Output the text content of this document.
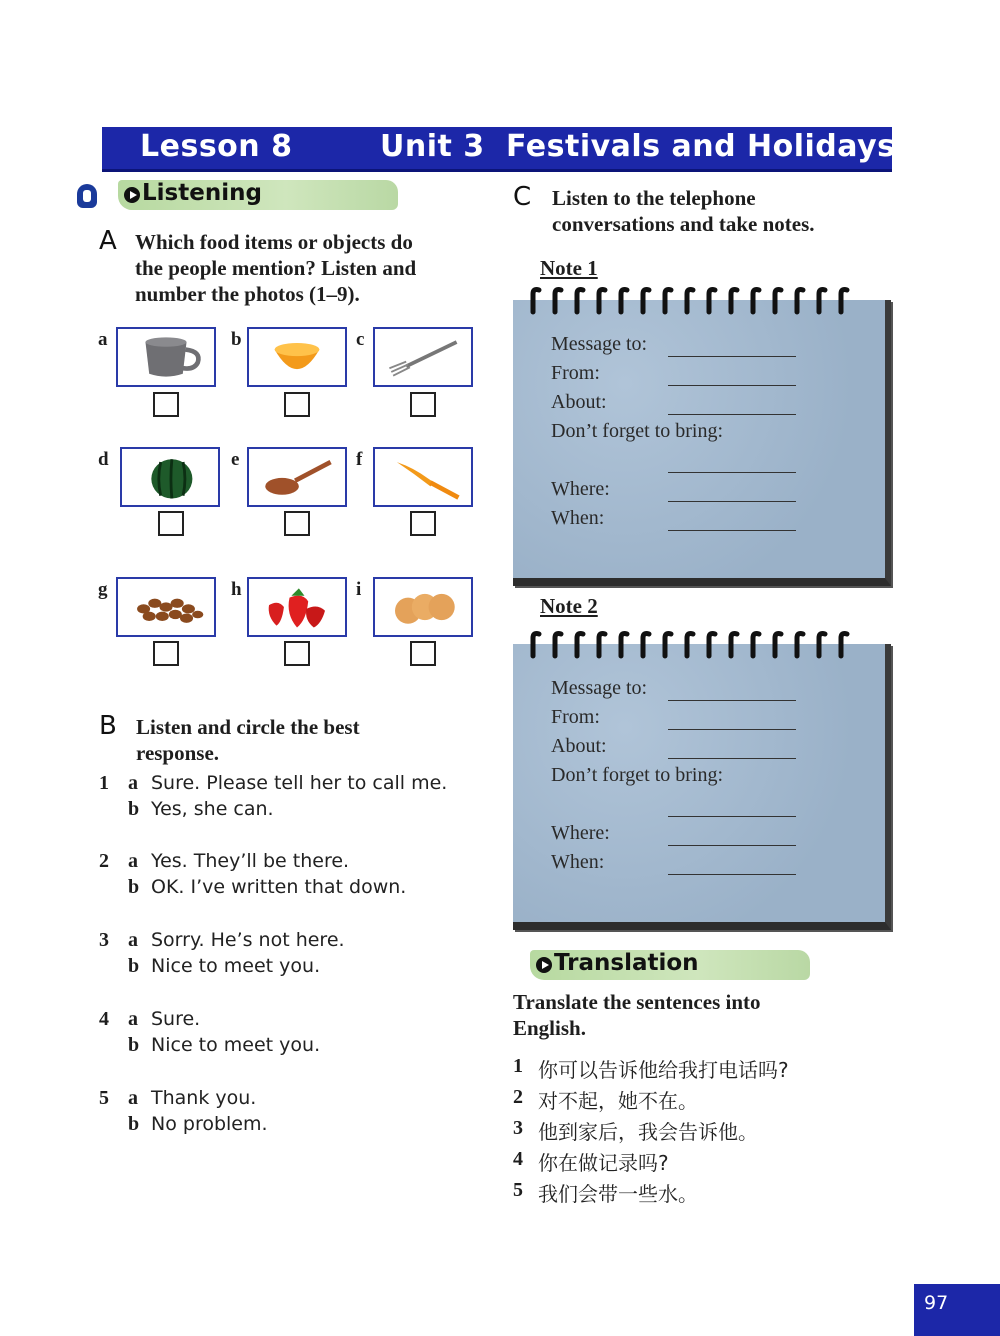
Lesson 8	Unit 3 Festivals and Holidays
Listening
A Which food items or objects do
the people mention? Listen and
number the photos (1–9).
a	b	c
d	e	f
g	h	i
B Listen and circle the best
response.
1 a Sure. Please tell her to call me.
b Yes, she can.
2 a Yes. They’ll be there.
b OK. I’ve written that down.
3 a Sorry. He’s not here.
b Nice to meet you.
4 a Sure.
b Nice to meet you.
5 a Thank you.
b No problem.
C Listen to the telephone
conversations and take notes.
Note 1
Message to:
From:
About:
Don’t forget to bring:
Where:
When:
Note 2
Message to:
From:
About:
Don’t forget to bring:
Where:
When:
Translation
Translate the sentences into
English.
1 你可以告诉他给我打电话吗?
2 对不起，她不在。
3 他到家后，我会告诉他。
4 你在做记录吗?
5 我们会带一些水。
97
